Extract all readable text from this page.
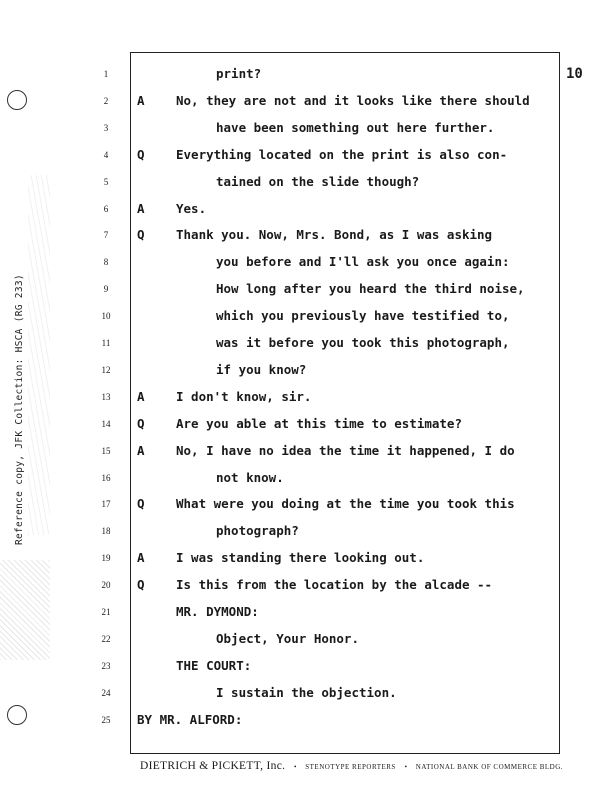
Reference copy, JFK Collection: HSCA (RG 233)
10
1	print?
2	A	No, they are not and it looks like there should
3	have been something out here further.
4	Q	Everything located on the print is also con-
5	tained on the slide though?
6	A	Yes.
7	Q	Thank you. Now, Mrs. Bond, as I was asking
8	you before and I'll ask you once again:
9	How long after you heard the third noise,
10	which you previously have testified to,
11	was it before you took this photograph,
12	if you know?
13	A	I don't know, sir.
14	Q	Are you able at this time to estimate?
15	A	No, I have no idea the time it happened, I do
16	not know.
17	Q	What were you doing at the time you took this
18	photograph?
19	A	I was standing there looking out.
20	Q	Is this from the location by the alcade --
21	MR. DYMOND:
22	Object, Your Honor.
23	THE COURT:
24	I sustain the objection.
25	BY MR. ALFORD:
DIETRICH & PICKETT, Inc. • STENOTYPE REPORTERS • NATIONAL BANK OF COMMERCE BLDG.
